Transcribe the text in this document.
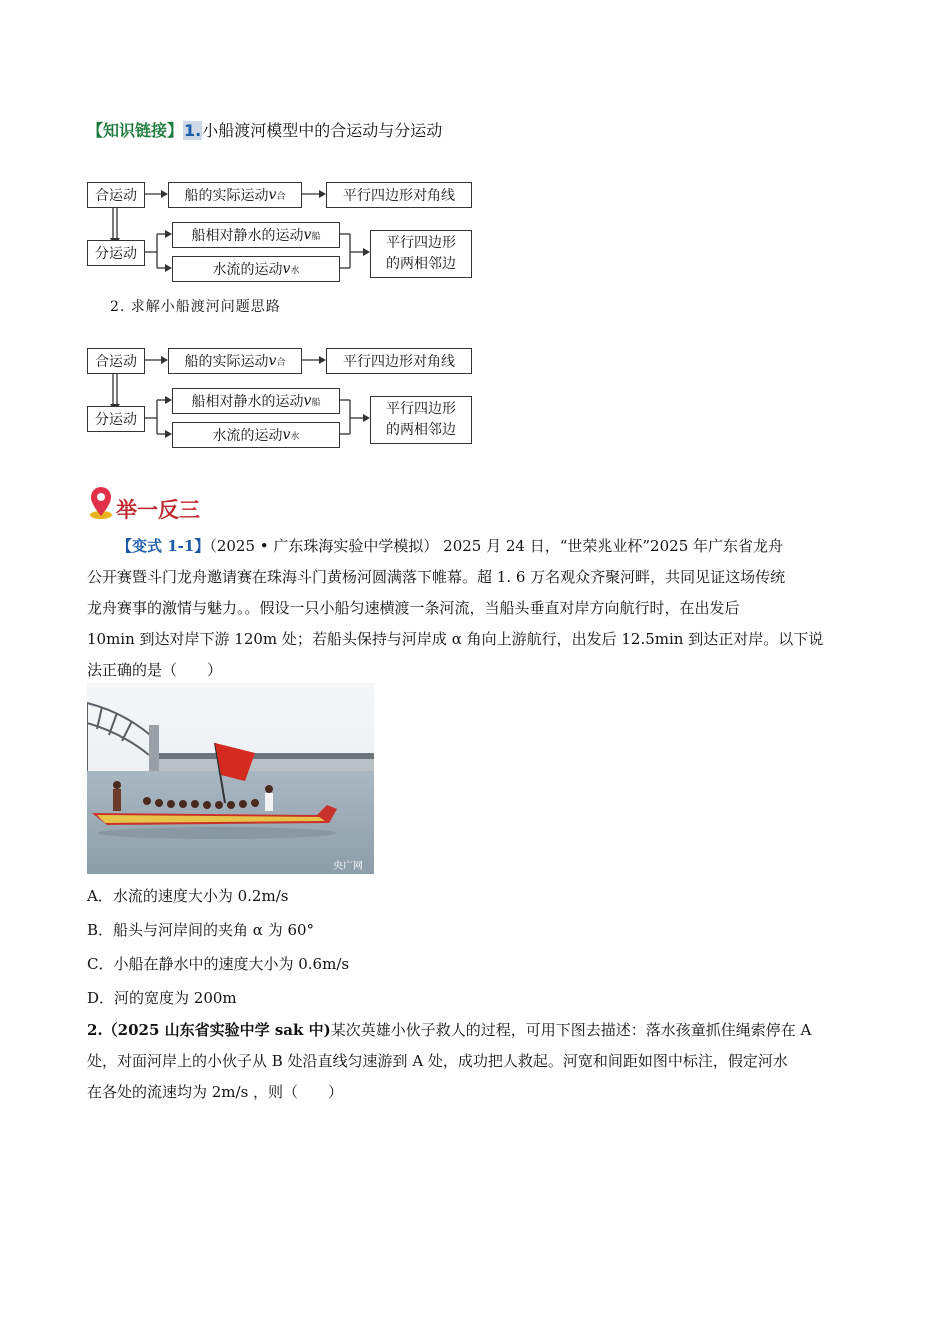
【知识链接】1.小船渡河模型中的合运动与分运动
合运动	船的实际运动 v 合	平行四边形对角线
分运动
船相对静水的运动 v 船
水流的运动 v 水
平行四边形
的两相邻边
2. 求解小船渡河问题思路
合运动	船的实际运动 v 合	平行四边形对角线
分运动
船相对静水的运动 v 船
水流的运动 v 水
平行四边形
的两相邻边
举一反三
【变式 1-1】（2025 • 广东珠海实验中学模拟） 2025 月 24 日，“世荣兆业杯”2025 年广东省龙舟
公开赛暨斗门龙舟邀请赛在珠海斗门黄杨河圆满落下帷幕。超 1. 6 万名观众齐聚河畔，共同见证这场传统
龙舟赛事的激情与魅力。。假设一只小船匀速横渡一条河流，当船头垂直对岸方向航行时，在出发后
10min 到达对岸下游 120m 处；若船头保持与河岸成 α 角向上游航行，出发后 12.5min 到达正对岸。以下说
法正确的是（　　）
央广网
A．水流的速度大小为 0.2m/s
B．船头与河岸间的夹角 α 为 60°
C．小船在静水中的速度大小为 0.6m/s
D．河的宽度为 200m
2.（2025 山东省实验中学 sak 中)某次英雄小伙子救人的过程，可用下图去描述：落水孩童抓住绳索停在 A
处，对面河岸上的小伙子从 B 处沿直线匀速游到 A 处，成功把人救起。河宽和间距如图中标注，假定河水
在各处的流速均为 2m/s ，则（　　）
